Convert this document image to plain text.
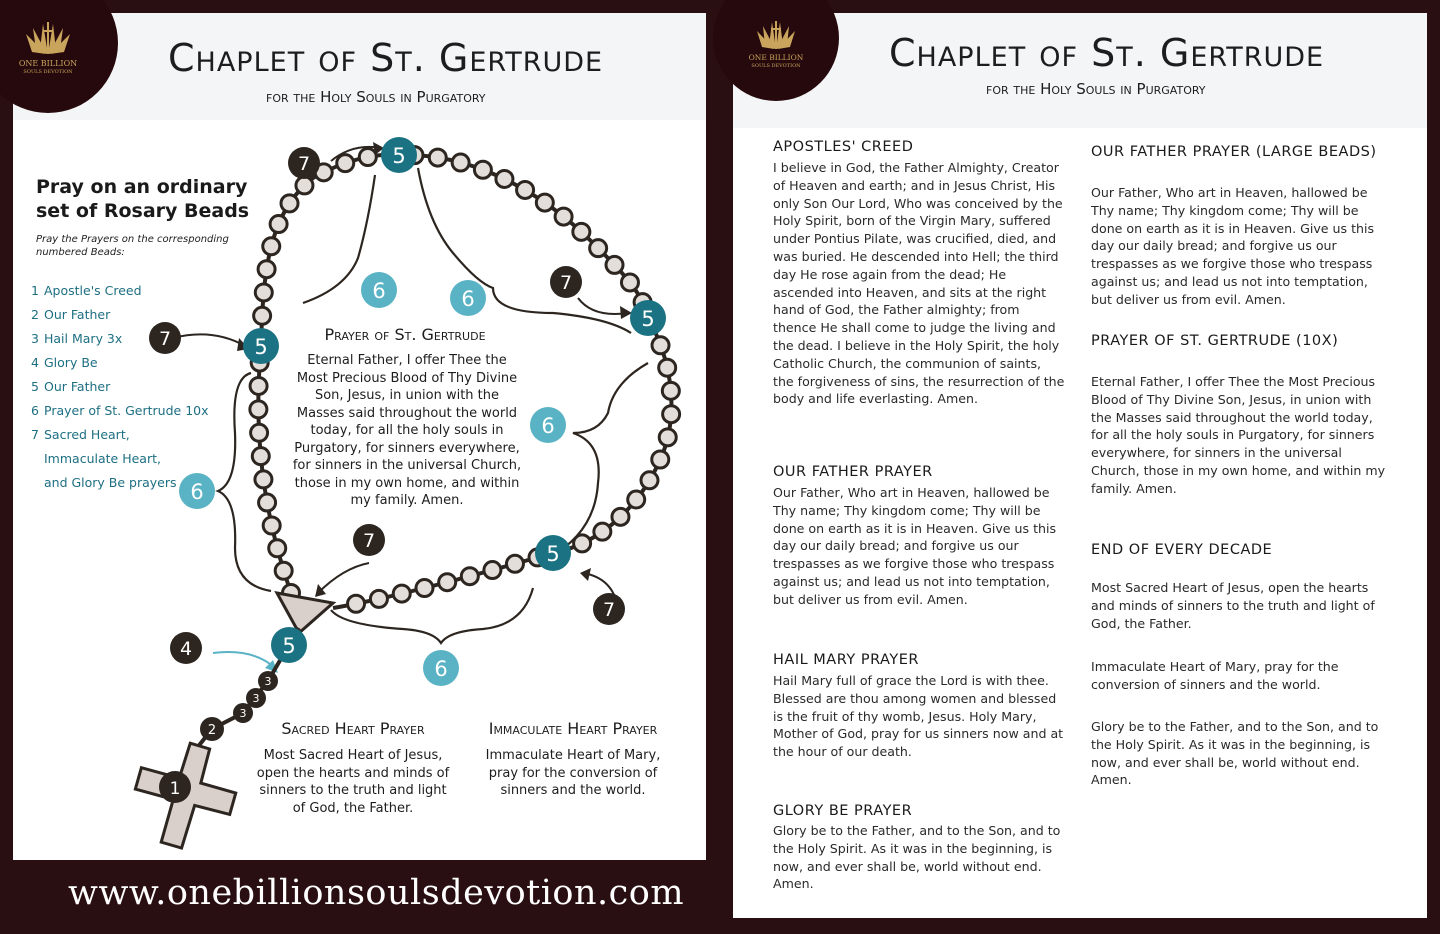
5
5
5
5
5
6	6
6
6
6
7
7
7
7
7
4
3
3
3
2
1
ONE BILLION
SOULS DEVOTION	Chaplet of St. Gertrude
for the Holy Souls in Purgatory
Pray on an ordinary set of Rosary Beads
Pray the Prayers on the corresponding numbered Beads:
1 Apostle's Creed
2 Our Father
3 Hail Mary 3x
4 Glory Be
5 Our Father
6 Prayer of St. Gertrude 10x
7 Sacred Heart,
Immaculate Heart,
and Glory Be prayers
Prayer of St. Gertrude
Eternal Father, I offer Thee the Most Precious Blood of Thy Divine Son, Jesus, in union with the Masses said throughout the world today, for all the holy souls in Purgatory, for sinners everywhere, for sinners in the universal Church, those in my own home, and within my family. Amen.
Sacred Heart Prayer
Most Sacred Heart of Jesus, open the hearts and minds of sinners to the truth and light of God, the Father.
Immaculate Heart Prayer
Immaculate Heart of Mary, pray for the conversion of sinners and the world.
www.onebillionsoulsdevotion.com
ONE BILLION
SOULS DEVOTION	Chaplet of St. Gertrude
for the Holy Souls in Purgatory
APOSTLES' CREED
I believe in God, the Father Almighty, Creator of Heaven and earth; and in Jesus Christ, His only Son Our Lord, Who was conceived by the Holy Spirit, born of the Virgin Mary, suffered under Pontius Pilate, was crucified, died, and was buried. He descended into Hell; the third day He rose again from the dead; He ascended into Heaven, and sits at the right hand of God, the Father almighty; from thence He shall come to judge the living and the dead. I believe in the Holy Spirit, the holy Catholic Church, the communion of saints, the forgiveness of sins, the resurrection of the body and life everlasting. Amen.
OUR FATHER PRAYER
Our Father, Who art in Heaven, hallowed be Thy name; Thy kingdom come; Thy will be done on earth as it is in Heaven. Give us this day our daily bread; and forgive us our trespasses as we forgive those who trespass against us; and lead us not into temptation, but deliver us from evil. Amen.
HAIL MARY PRAYER
Hail Mary full of grace the Lord is with thee. Blessed are thou among women and blessed is the fruit of thy womb, Jesus. Holy Mary, Mother of God, pray for us sinners now and at the hour of our death.
GLORY BE PRAYER
Glory be to the Father, and to the Son, and to the Holy Spirit. As it was in the beginning, is now, and ever shall be, world without end. Amen.
OUR FATHER PRAYER (LARGE BEADS)
Our Father, Who art in Heaven, hallowed be Thy name; Thy kingdom come; Thy will be done on earth as it is in Heaven. Give us this day our daily bread; and forgive us our trespasses as we forgive those who trespass against us; and lead us not into temptation, but deliver us from evil. Amen.
PRAYER OF ST. GERTRUDE (10X)
Eternal Father, I offer Thee the Most Precious Blood of Thy Divine Son, Jesus, in union with the Masses said throughout the world today, for all the holy souls in Purgatory, for sinners everywhere, for sinners in the universal Church, those in my own home, and within my family. Amen.
END OF EVERY DECADE
Most Sacred Heart of Jesus, open the hearts and minds of sinners to the truth and light of God, the Father.
Immaculate Heart of Mary, pray for the conversion of sinners and the world.
Glory be to the Father, and to the Son, and to the Holy Spirit. As it was in the beginning, is now, and ever shall be, world without end. Amen.
